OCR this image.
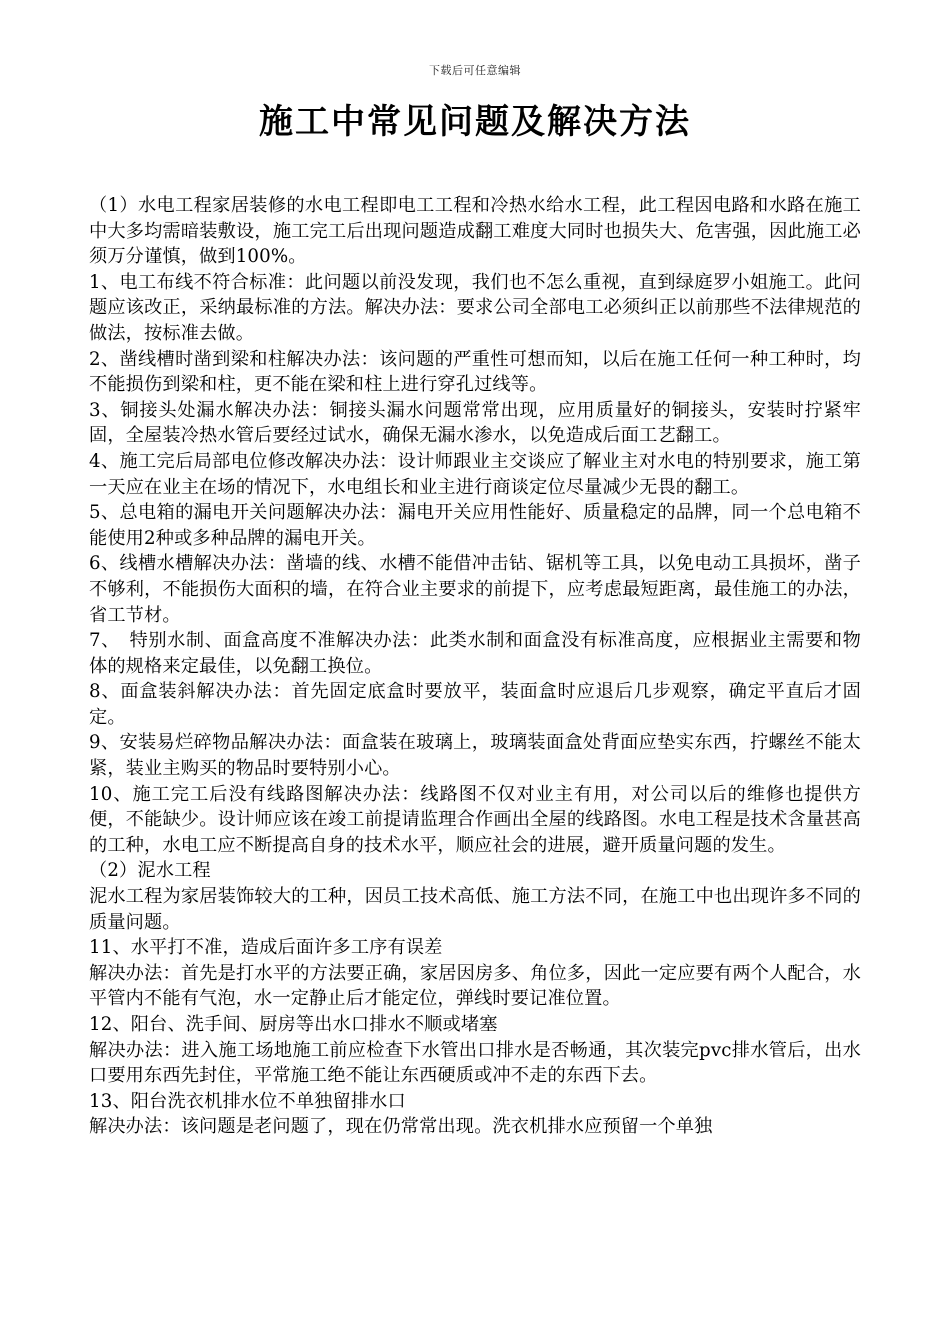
下载后可任意编辑
施工中常见问题及解决方法

（1）水电工程家居装修的水电工程即电工工程和冷热水给水工程，此工程因电路和水路在施工中大多均需暗装敷设，施工完工后出现问题造成翻工难度大同时也损失大、危害强，因此施工必须万分谨慎，做到100%。

1、电工布线不符合标准：此问题以前没发现，我们也不怎么重视，直到绿庭罗小姐施工。此问题应该改正，采纳最标准的方法。解决办法：要求公司全部电工必须纠正以前那些不法律规范的做法，按标准去做。

2、凿线槽时凿到梁和柱解决办法：该问题的严重性可想而知，以后在施工任何一种工种时，均不能损伤到梁和柱，更不能在梁和柱上进行穿孔过线等。

3、铜接头处漏水解决办法：铜接头漏水问题常常出现，应用质量好的铜接头，安装时拧紧牢固，全屋装冷热水管后要经过试水，确保无漏水渗水，以免造成后面工艺翻工。

4、施工完后局部电位修改解决办法：设计师跟业主交谈应了解业主对水电的特别要求，施工第一天应在业主在场的情况下，水电组长和业主进行商谈定位尽量减少无畏的翻工。

5、总电箱的漏电开关问题解决办法：漏电开关应用性能好、质量稳定的品牌，同一个总电箱不能使用2种或多种品牌的漏电开关。

6、线槽水槽解决办法：凿墙的线、水槽不能借冲击钻、锯机等工具，以免电动工具损坏，凿子不够利，不能损伤大面积的墙，在符合业主要求的前提下，应考虑最短距离，最佳施工的办法，省工节材。

7、　特别水制、面盒高度不准解决办法：此类水制和面盒没有标准高度，应根据业主需要和物体的规格来定最佳，以免翻工换位。

8、面盒装斜解决办法：首先固定底盒时要放平，装面盒时应退后几步观察，确定平直后才固定。

9、安装易烂碎物品解决办法：面盒装在玻璃上，玻璃装面盒处背面应垫实东西，拧螺丝不能太紧，装业主购买的物品时要特别小心。

10、施工完工后没有线路图解决办法：线路图不仅对业主有用，对公司以后的维修也提供方便，不能缺少。设计师应该在竣工前提请监理合作画出全屋的线路图。水电工程是技术含量甚高的工种，水电工应不断提高自身的技术水平，顺应社会的进展，避开质量问题的发生。

（2）泥水工程

泥水工程为家居装饰较大的工种，因员工技术高低、施工方法不同，在施工中也出现许多不同的质量问题。

11、水平打不准，造成后面许多工序有误差

解决办法：首先是打水平的方法要正确，家居因房多、角位多，因此一定应要有两个人配合，水平管内不能有气泡，水一定静止后才能定位，弹线时要记准位置。

12、阳台、洗手间、厨房等出水口排水不顺或堵塞

解决办法：进入施工场地施工前应检查下水管出口排水是否畅通，其次装完pvc排水管后，出水口要用东西先封住，平常施工绝不能让东西硬质或冲不走的东西下去。

13、阳台洗衣机排水位不单独留排水口

解决办法：该问题是老问题了，现在仍常常出现。洗衣机排水应预留一个单独
